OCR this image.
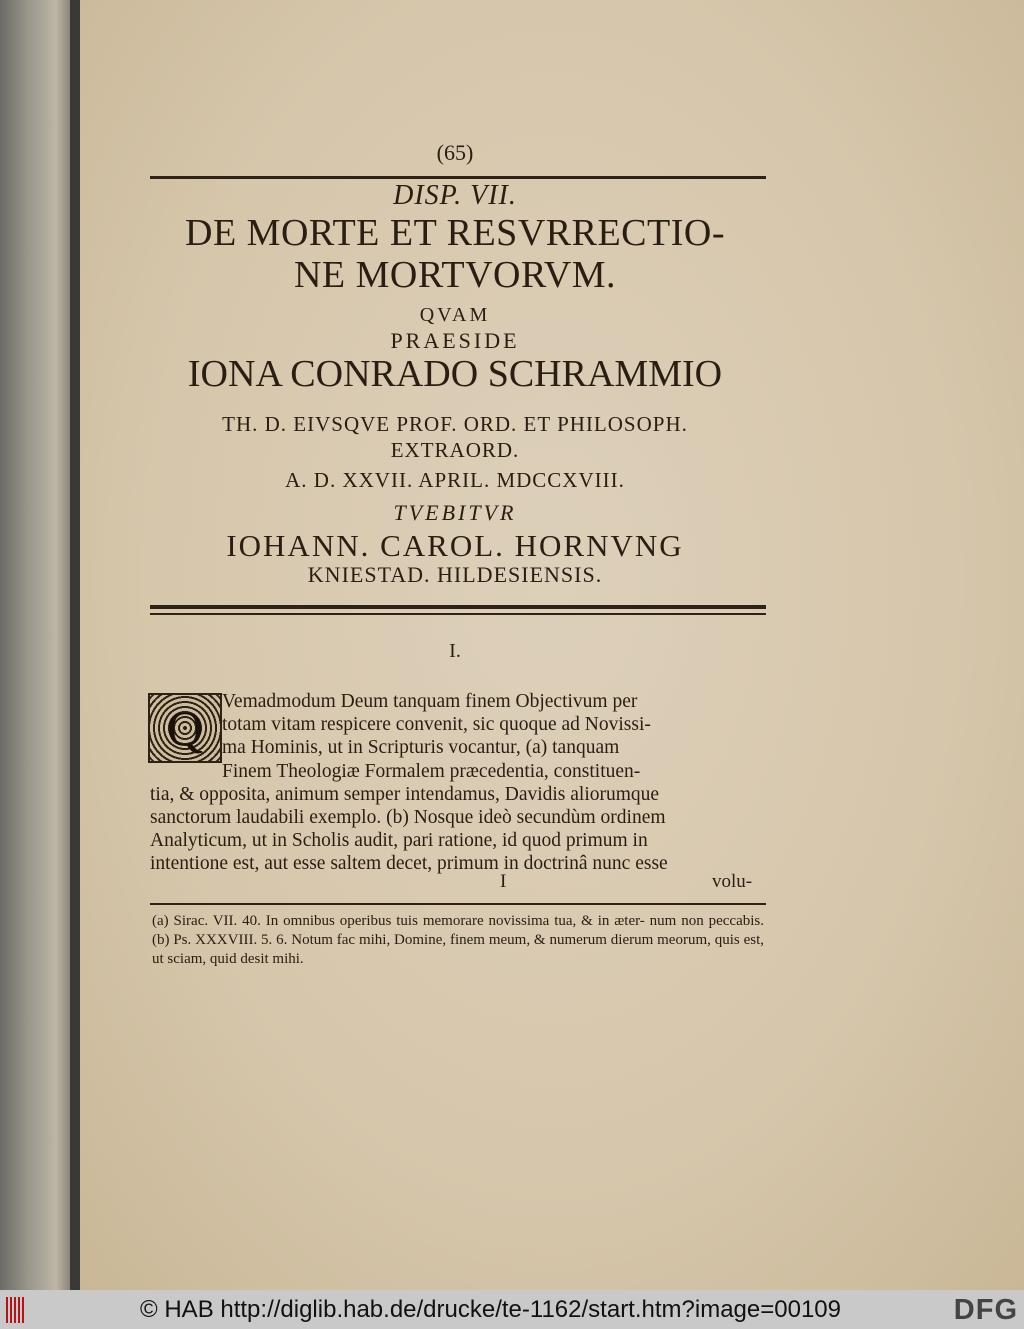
(65)
DISP. VII.
DE MORTE ET RESVRRECTIO-
NE MORTVORVM.
QVAM
PRAESIDE
IONA CONRADO SCHRAMMIO
TH. D. EIVSQVE PROF. ORD. ET PHILOSOPH.
EXTRAORD.
A. D. XXVII. APRIL. MDCCXVIII.
TVEBITVR
IOHANN. CAROL. HORNVNG
KNIESTAD. HILDESIENSIS.
I.
Q Vemadmodum Deum tanquam finem Objectivum per

totam vitam respicere convenit, sic quoque ad Novissi-

ma Hominis, ut in Scripturis vocantur, (a) tanquam

Finem Theologiæ Formalem præcedentia, constituen-

tia, & opposita, animum semper intendamus, Davidis aliorumque

sanctorum laudabili exemplo. (b) Nosque ideò secundùm ordinem

Analyticum, ut in Scholis audit, pari ratione, id quod primum in

intentione est, aut esse saltem decet, primum in doctrinâ nunc esse

I	volu-

(a) Sirac. VII. 40. In omnibus operibus tuis memorare novissima tua, & in æter- num non peccabis. (b) Ps. XXXVIII. 5. 6. Notum fac mihi, Domine, finem meum, & numerum dierum meorum, quis est, ut sciam, quid desit mihi.

© HAB http://diglib.hab.de/drucke/te-1162/start.htm?image=00109	DFG
